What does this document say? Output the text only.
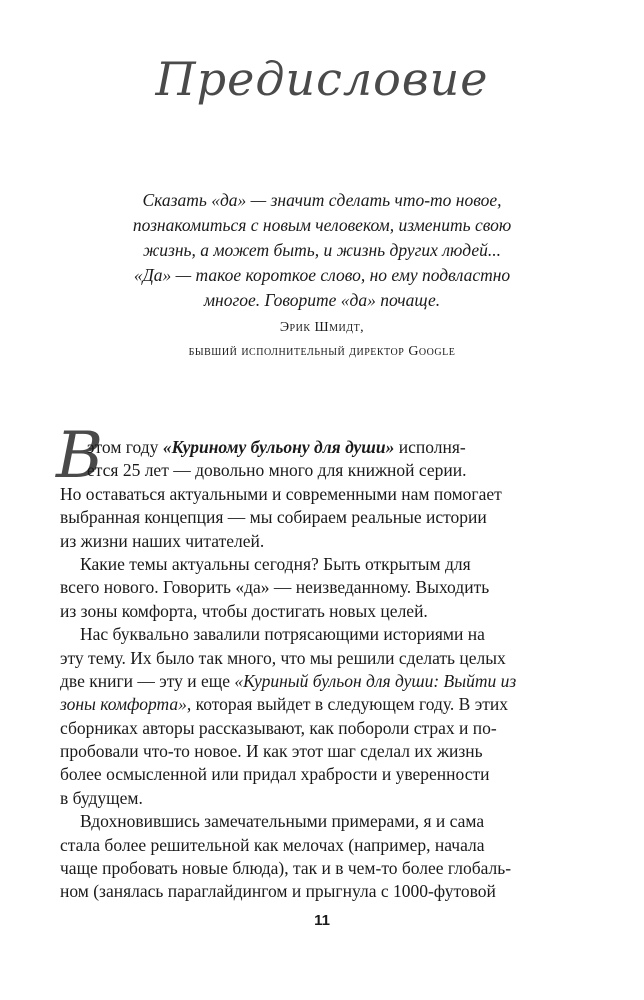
Предисловие
Сказать «да» — значит сделать что-то новое,
познакомиться с новым человеком, изменить свою
жизнь, а может быть, и жизнь других людей...
«Да» — такое короткое слово, но ему подвластно
многое. Говорите «да» почаще.
Эрик Шмидт,
бывший исполнительный директор Google
В
этом году «Куриному бульону для души» исполня-
ется 25 лет — довольно много для книжной серии.
Но оставаться актуальными и современными нам помогает
выбранная концепция — мы собираем реальные истории
из жизни наших читателей.
Какие темы актуальны сегодня? Быть открытым для
всего нового. Говорить «да» — неизведанному. Выходить
из зоны комфорта, чтобы достигать новых целей.
Нас буквально завалили потрясающими историями на
эту тему. Их было так много, что мы решили сделать целых
две книги — эту и еще «Куриный бульон для души: Выйти из
зоны комфорта», которая выйдет в следующем году. В этих
сборниках авторы рассказывают, как побороли страх и по-
пробовали что-то новое. И как этот шаг сделал их жизнь
более осмысленной или придал храбрости и уверенности
в будущем.
Вдохновившись замечательными примерами, я и сама
стала более решительной как мелочах (например, начала
чаще пробовать новые блюда), так и в чем-то более глобаль-
ном (занялась параглайдингом и прыгнула с 1000-футовой
11
